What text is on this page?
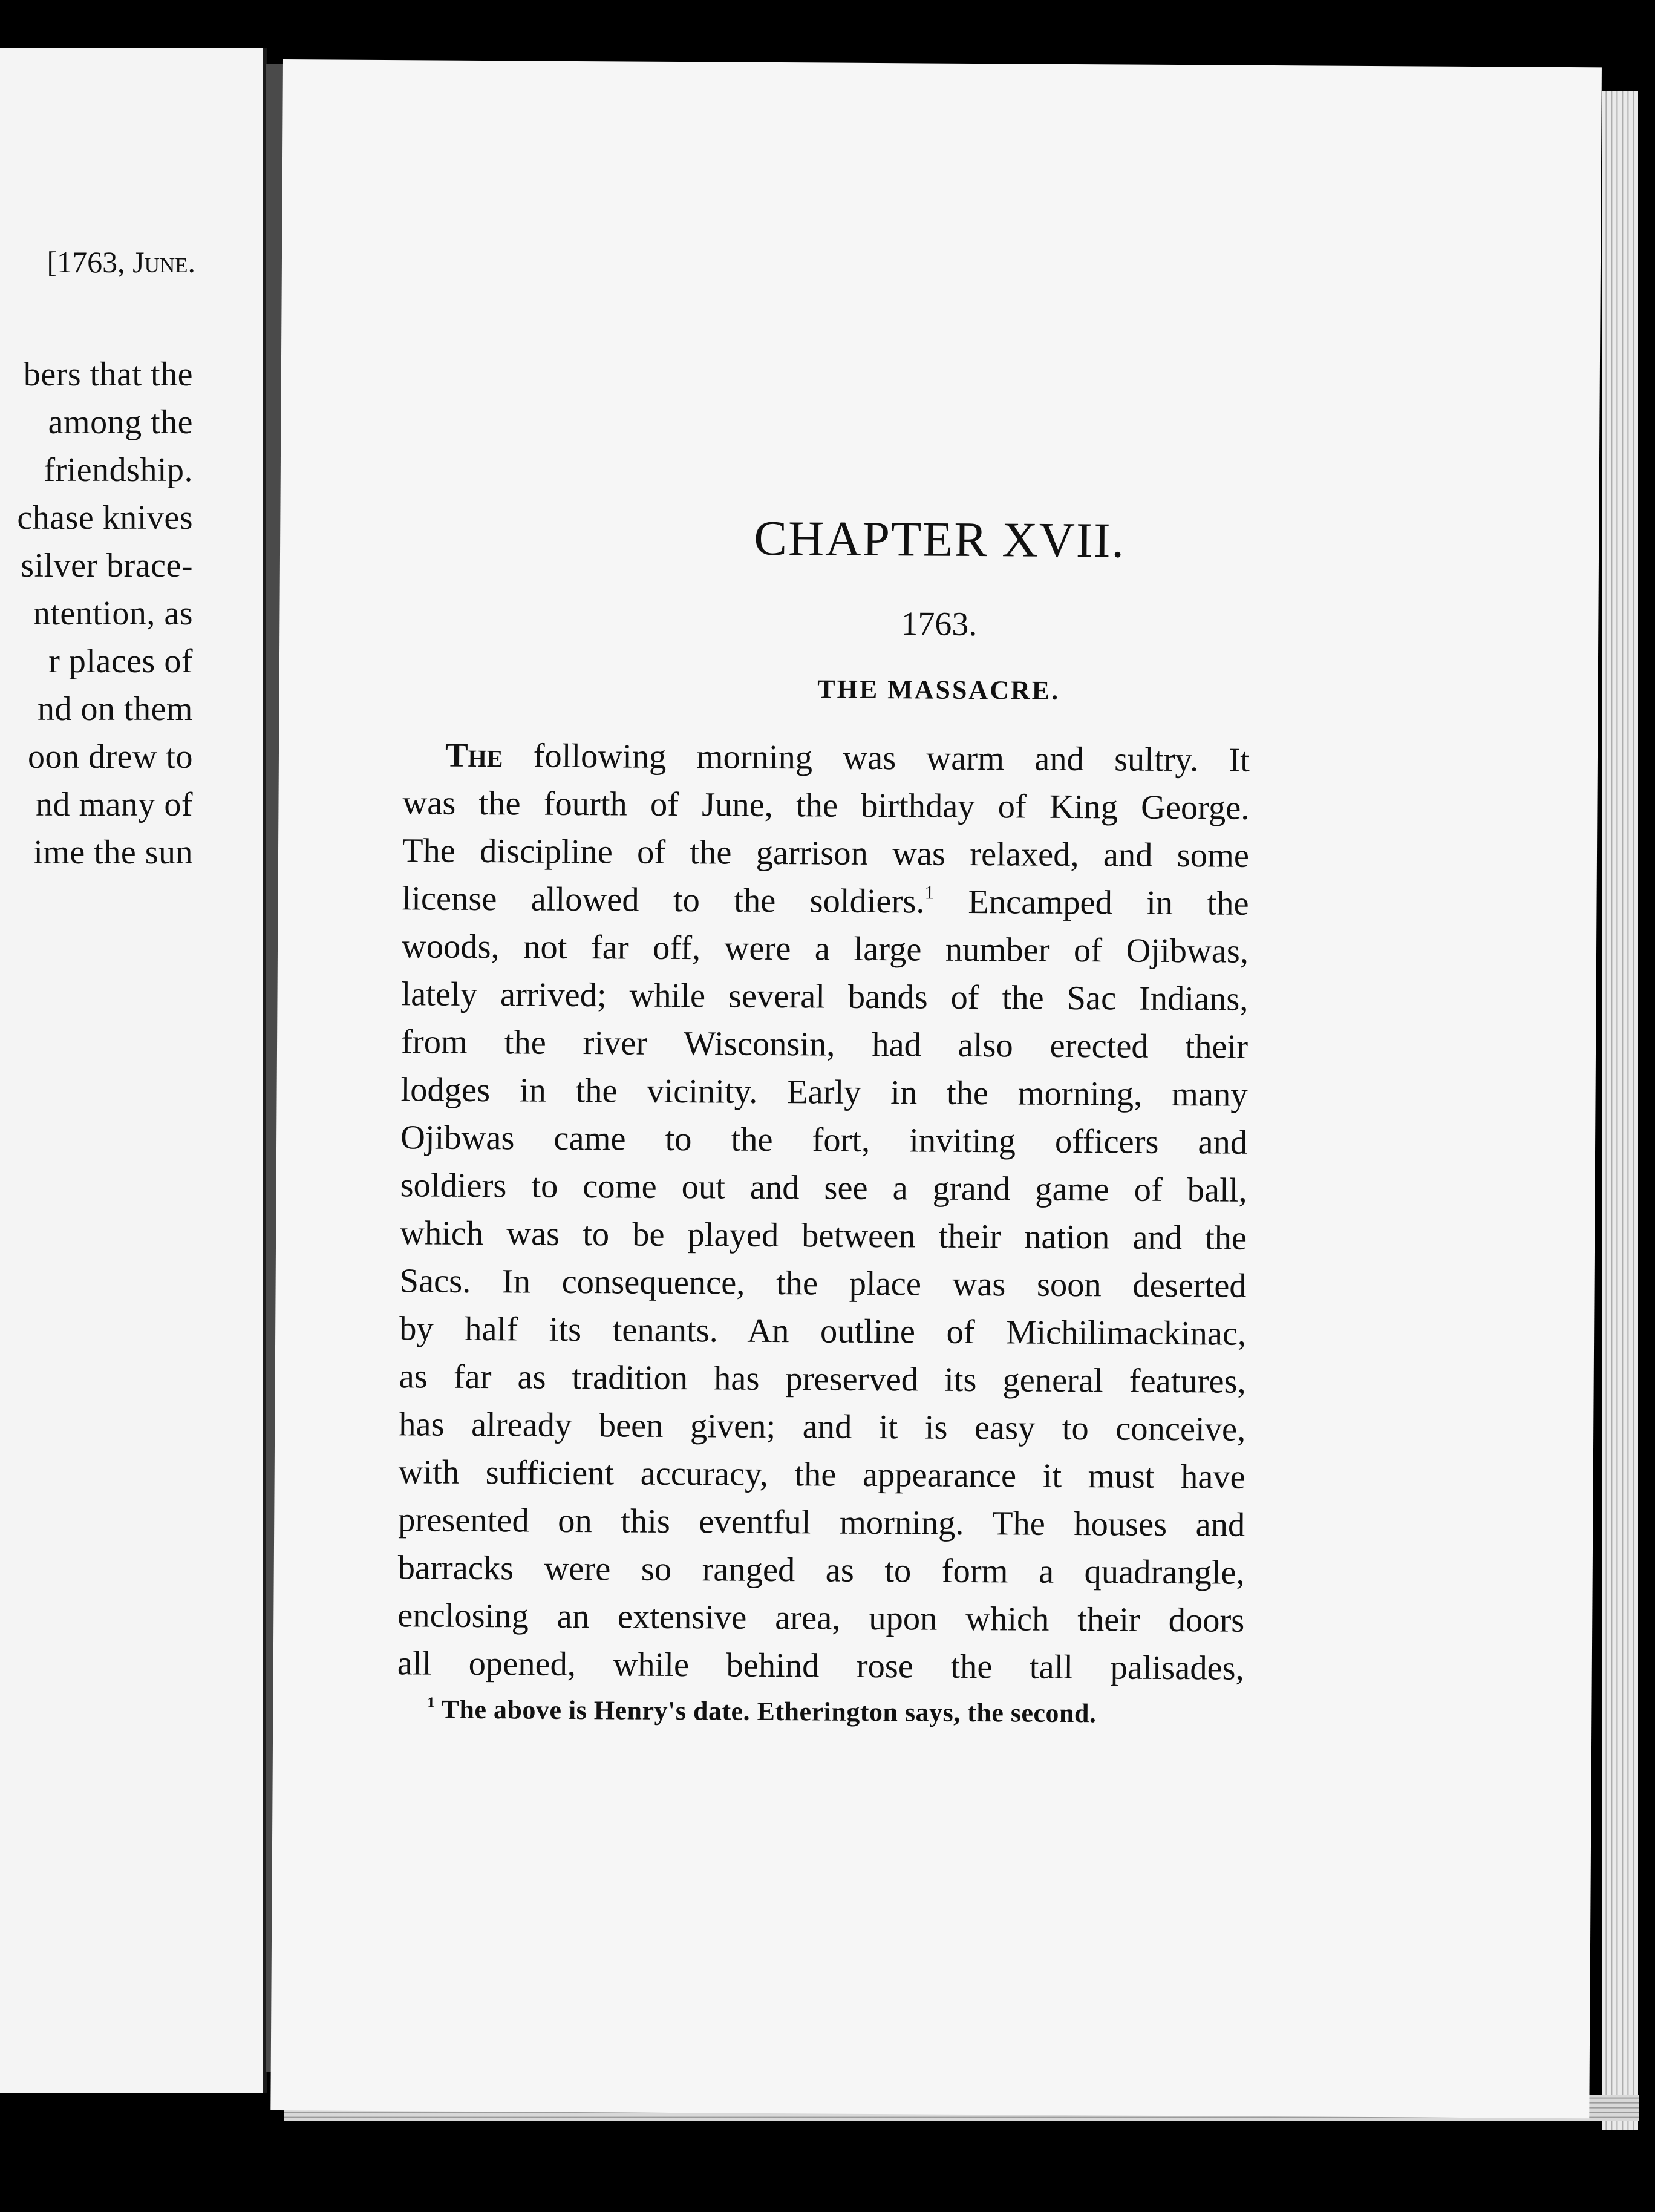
[1763, June.
bers that the
among the
friendship.
chase knives
silver brace-
ntention, as
r places of
nd on them
oon drew to
nd many of
ime the sun
CHAPTER XVII.
1763.
THE MASSACRE.
The following morning was warm and sultry. It
was the fourth of June, the birthday of King George.
The discipline of the garrison was relaxed, and some
license allowed to the soldiers.$^1$ Encamped in the
woods, not far off, were a large number of Ojibwas,
lately arrived; while several bands of the Sac Indians,
from the river Wisconsin, had also erected their
lodges in the vicinity. Early in the morning, many
Ojibwas came to the fort, inviting officers and
soldiers to come out and see a grand game of ball,
which was to be played between their nation and the
Sacs. In consequence, the place was soon deserted
by half its tenants. An outline of Michilimackinac,
as far as tradition has preserved its general features,
has already been given; and it is easy to conceive,
with sufficient accuracy, the appearance it must have
presented on this eventful morning. The houses and
barracks were so ranged as to form a quadrangle,
enclosing an extensive area, upon which their doors
all opened, while behind rose the tall palisades,
$^1$ The above is Henry's date. Etherington says, the second.
